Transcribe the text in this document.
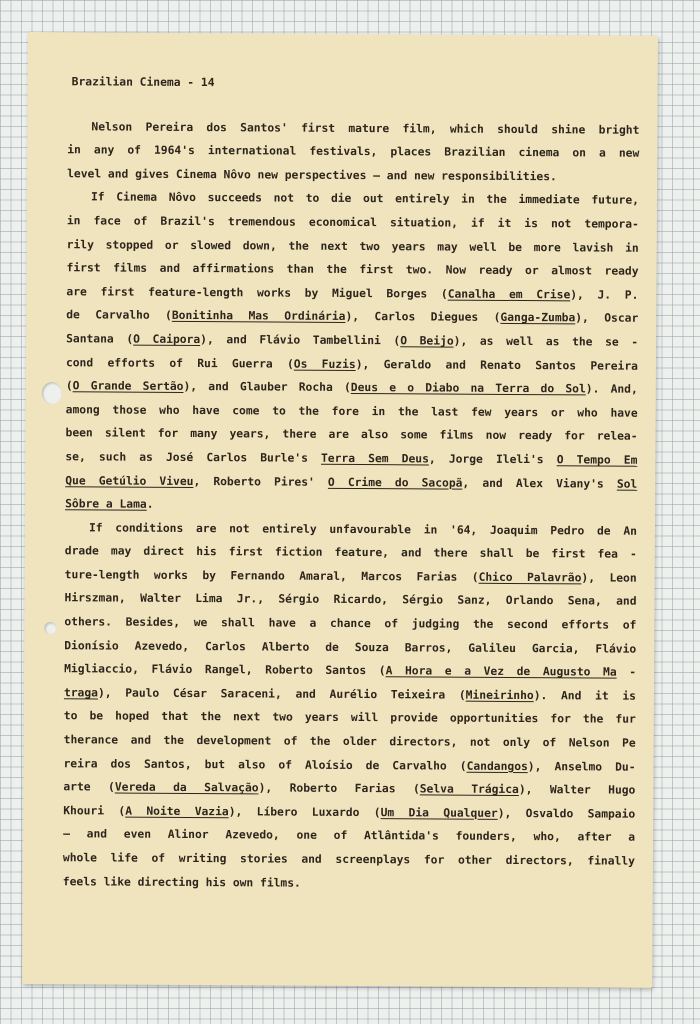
Brazilian Cinema - 14
Nelson Pereira dos Santos' first mature film, which should shine bright
in any of 1964's international festivals, places Brazilian cinema on a new
level and gives Cinema Nôvo new perspectives — and new responsibilities.
If Cinema Nôvo succeeds not to die out entirely in the immediate future,
in face of Brazil's tremendous economical situation, if it is not tempora-
rily stopped or slowed down, the next two years may well be more lavish in
first films and affirmations than the first two. Now ready or almost ready
are first feature-length works by Miguel Borges (Canalha em Crise), J. P.
de Carvalho (Bonitinha Mas Ordinária), Carlos Diegues (Ganga-Zumba), Oscar
Santana (O Caipora), and Flávio Tambellini (O Beijo), as well as the se -
cond efforts of Rui Guerra (Os Fuzis), Geraldo and Renato Santos Pereira
(O Grande Sertão), and Glauber Rocha (Deus e o Diabo na Terra do Sol). And,
among those who have come to the fore in the last few years or who have
been silent for many years, there are also some films now ready for relea-
se, such as José Carlos Burle's Terra Sem Deus, Jorge Ileli's O Tempo Em
Que Getúlio Viveu, Roberto Pires' O Crime do Sacopã, and Alex Viany's Sol
Sôbre a Lama.
If conditions are not entirely unfavourable in '64, Joaquim Pedro de An
drade may direct his first fiction feature, and there shall be first fea -
ture-length works by Fernando Amaral, Marcos Farias (Chico Palavrão), Leon
Hirszman, Walter Lima Jr., Sérgio Ricardo, Sérgio Sanz, Orlando Sena, and
others. Besides, we shall have a chance of judging the second efforts of
Dionísio Azevedo, Carlos Alberto de Souza Barros, Galileu Garcia, Flávio
Migliaccio, Flávio Rangel, Roberto Santos (A Hora e a Vez de Augusto Ma -
traga), Paulo César Saraceni, and Aurélio Teixeira (Mineirinho). And it is
to be hoped that the next two years will provide opportunities for the fur
therance and the development of the older directors, not only of Nelson Pe
reira dos Santos, but also of Aloísio de Carvalho (Candangos), Anselmo Du-
arte (Vereda da Salvação), Roberto Farias (Selva Trágica), Walter Hugo
Khouri (A Noite Vazia), Líbero Luxardo (Um Dia Qualquer), Osvaldo Sampaio
— and even Alinor Azevedo, one of Atlântida's founders, who, after a
whole life of writing stories and screenplays for other directors, finally
feels like directing his own films.
